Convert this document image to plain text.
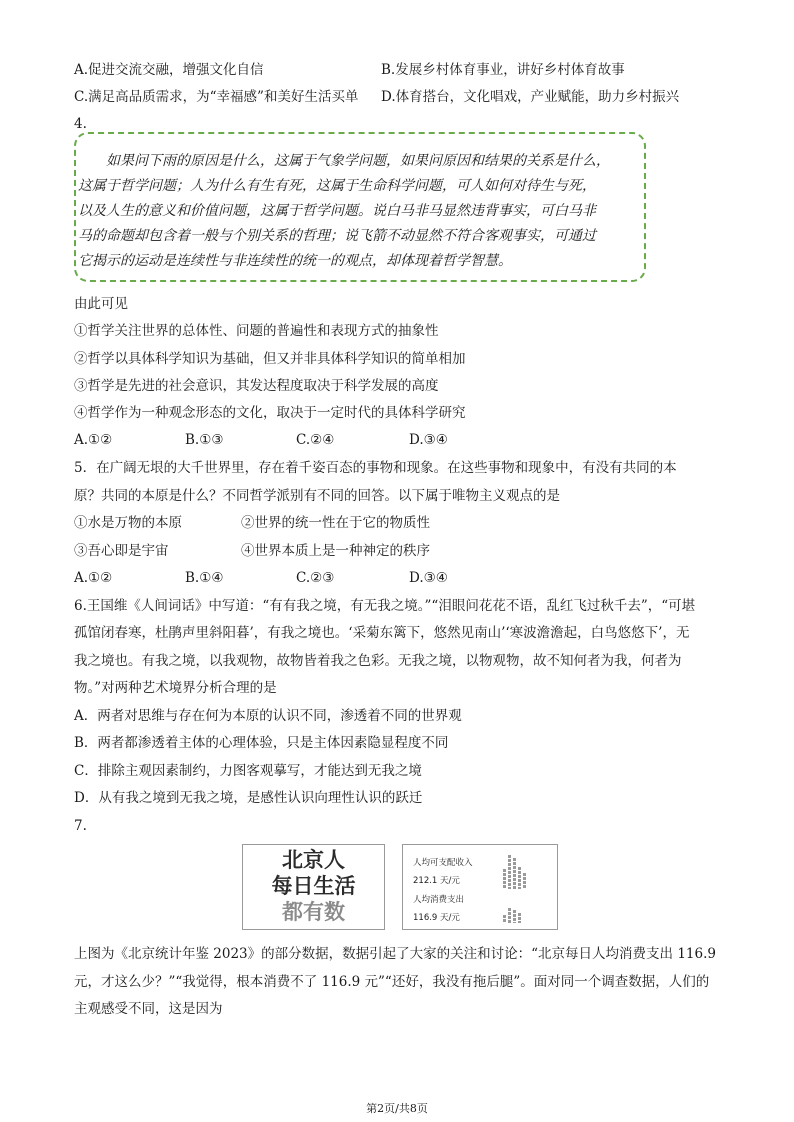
A.促进交流交融，增强文化自信	B.发展乡村体育事业，讲好乡村体育故事
C.满足高品质需求，为“幸福感”和美好生活买单 D.体育搭台，文化唱戏，产业赋能，助力乡村振兴
4.
如果问下雨的原因是什么，这属于气象学问题，如果问原因和结果的关系是什么，
这属于哲学问题；人为什么有生有死，这属于生命科学问题，可人如何对待生与死，
以及人生的意义和价值问题，这属于哲学问题。说白马非马显然违背事实，可白马非
马的命题却包含着一般与个别关系的哲理；说飞箭不动显然不符合客观事实，可通过
它揭示的运动是连续性与非连续性的统一的观点，却体现着哲学智慧。
由此可见
①哲学关注世界的总体性、问题的普遍性和表现方式的抽象性
②哲学以具体科学知识为基础，但又并非具体科学知识的简单相加
③哲学是先进的社会意识，其发达程度取决于科学发展的高度
④哲学作为一种观念形态的文化，取决于一定时代的具体科学研究
A.①②	B.①③	C.②④	D.③④
5．在广阔无垠的大千世界里，存在着千姿百态的事物和现象。在这些事物和现象中，有没有共同的本
原？共同的本原是什么？不同哲学派别有不同的回答。以下属于唯物主义观点的是
①水是万物的本原	②世界的统一性在于它的物质性
③吾心即是宇宙	④世界本质上是一种神定的秩序
A.①②	B.①④	C.②③	D.③④
6.王国维《人间词话》中写道：“有有我之境，有无我之境。”“泪眼问花花不语，乱红飞过秋千去”，“可堪
孤馆闭春寒，杜鹃声里斜阳暮’，有我之境也。‘采菊东篱下，悠然见南山’‘寒波澹澹起，白鸟悠悠下’，无
我之境也。有我之境，以我观物，故物皆着我之色彩。无我之境，以物观物，故不知何者为我，何者为
物。”对两种艺术境界分析合理的是
A．两者对思维与存在何为本原的认识不同，渗透着不同的世界观
B．两者都渗透着主体的心理体验，只是主体因素隐显程度不同
C．排除主观因素制约，力图客观摹写，才能达到无我之境
D．从有我之境到无我之境，是感性认识向理性认识的跃迁
7.
北京人
每日生活
都有数
人均可支配收入
212.1 天/元
人均消费支出
116.9 天/元
上图为《北京统计年鉴 2023》的部分数据，数据引起了大家的关注和讨论：“北京每日人均消费支出 116.9
元，才这么少？”“我觉得，根本消费不了 116.9 元”“还好，我没有拖后腿”。面对同一个调查数据，人们的
主观感受不同，这是因为
第2页/共8页
